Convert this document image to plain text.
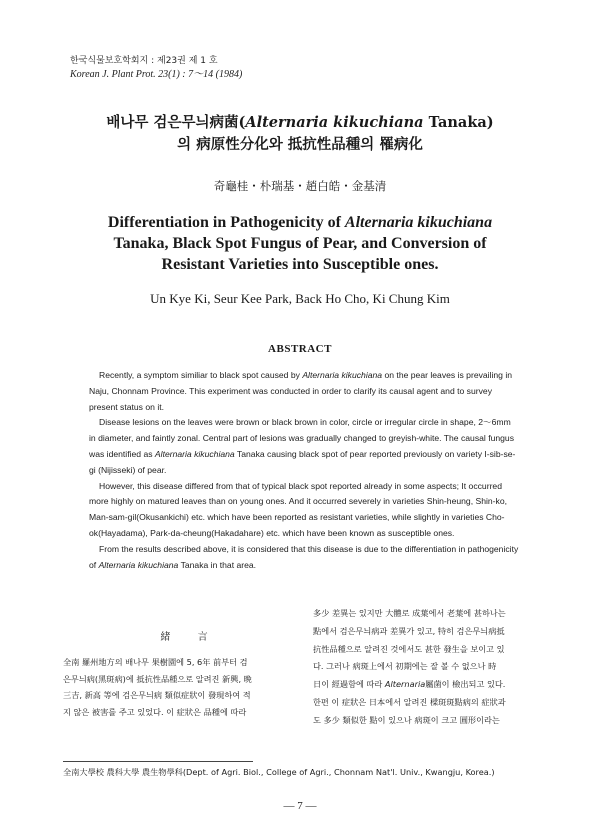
한국식물보호학회지 : 제23권 제 1 호
Korean J. Plant Prot. 23(1) : 7～14 (1984)
배나무 검은무늬病菌(Alternaria kikuchiana Tanaka)
의 病原性分化와 抵抗性品種의 罹病化
奇龜桂・朴瑞基・趙白皓・金基清
Differentiation in Pathogenicity of Alternaria kikuchiana
Tanaka, Black Spot Fungus of Pear, and Conversion of
Resistant Varieties into Susceptible ones.
Un Kye Ki, Seur Kee Park, Back Ho Cho, Ki Chung Kim
ABSTRACT

Recently, a symptom similiar to black spot caused by Alternaria kikuchiana on the pear leaves is prevailing in Naju, Chonnam Province. This experiment was conducted in order to clarify its causal agent and to survey present status on it.

Disease lesions on the leaves were brown or black brown in color, circle or irregular circle in shape, 2～6mm in diameter, and faintly zonal. Central part of lesions was gradually changed to greyish-white. The causal fungus was identified as Alternaria kikuchiana Tanaka causing black spot of pear reported previously on variety I-sib-se-gi (Nijisseki) of pear.

However, this disease differed from that of typical black spot reported already in some aspects; It occurred more highly on matured leaves than on young ones. And it occurred severely in varieties Shin-heung, Shin-ko, Man-sam-gil(Okusankichi) etc. which have been reported as resistant varieties, while slightly in varieties Cho-ok(Hayadama), Park-da-cheung(Hakadahare) etc. which have been known as susceptible ones.

From the results described above, it is considered that this disease is due to the differentiation in pathogenicity of Alternaria kikuchiana Tanaka in that area.

緒 言

全南 羅州地方의 배나무 果樹園에 5, 6年 前부터 검
은무늬病(黑斑病)에 抵抗性品種으로 알려진 新興, 晩
三吉, 新高 等에 검은무늬病 類似症狀이 發現하여 적
지 않은 被害를 주고 있었다. 이 症狀은 品種에 따라

多少 差異는 있지만 大體로 成葉에서 老葉에 甚하나는
點에서 검은무늬病과 差異가 있고, 特히 검은무늬病抵
抗性品種으로 알려진 것에서도 甚한 發生을 보이고 있
다. 그러나 病斑上에서 初期에는 잘 볼 수 없으나 時
日이 經過함에 따라 Alternaria屬菌이 檢出되고 있다.
한편 이 症狀은 日本에서 알려진 樑斑斑點病의 症狀과
도 多少 類似한 點이 있으나 病斑이 크고 圓形이라는

全南大學校 農科大學 農生物學科(Dept. of Agri. Biol., College of Agri., Chonnam Nat'l. Univ., Kwangju, Korea.)
— 7 —
